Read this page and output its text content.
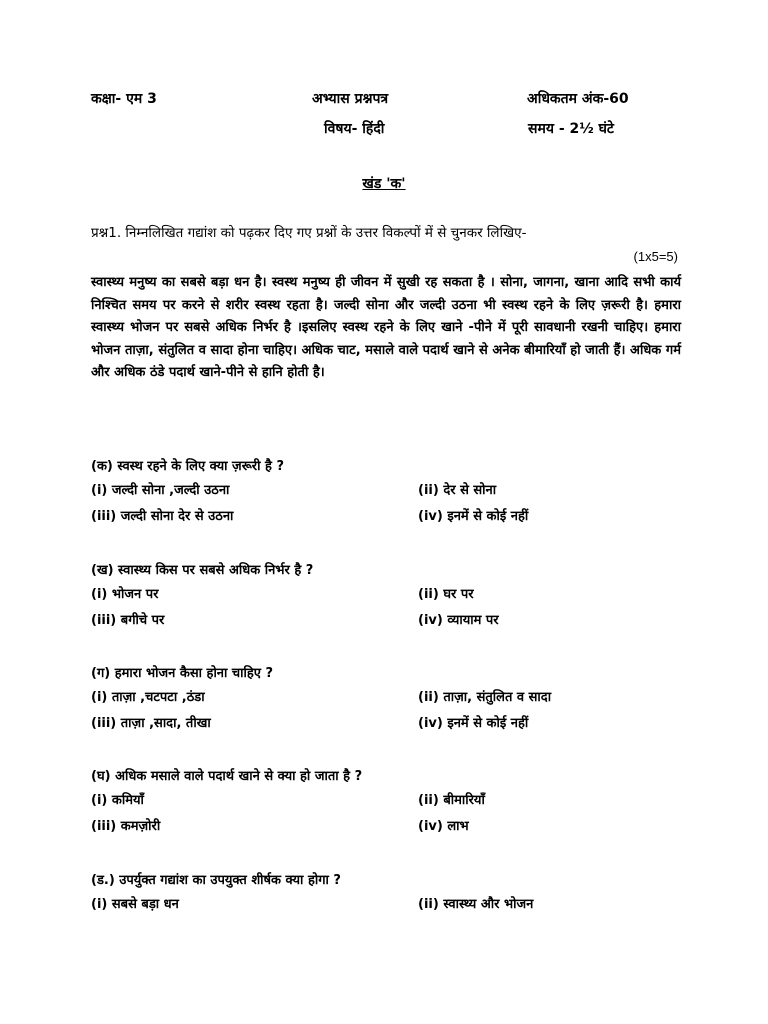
कक्षा- एम 3	अभ्यास प्रश्नपत्र	अधिकतम अंक-60
विषय- हिंदी	समय - 2½ घंटे
खंड 'क'
प्रश्न1. निम्नलिखित गद्यांश को पढ़कर दिए गए प्रश्नों के उत्तर विकल्पों में से चुनकर लिखिए-
(1x5=5)
स्वास्थ्य मनुष्य का सबसे बड़ा धन है। स्वस्थ मनुष्य ही जीवन में सुखी रह सकता है । सोना, जागना, खाना आदि सभी कार्य निश्चित समय पर करने से शरीर स्वस्थ रहता है। जल्दी सोना और जल्दी उठना भी स्वस्थ रहने के लिए ज़रूरी है। हमारा स्वास्थ्य भोजन पर सबसे अधिक निर्भर है ।इसलिए स्वस्थ रहने के लिए खाने -पीने में पूरी सावधानी रखनी चाहिए। हमारा भोजन ताज़ा, संतुलित व सादा होना चाहिए। अधिक चाट, मसाले वाले पदार्थ खाने से अनेक बीमारियाँ हो जाती हैं। अधिक गर्म और अधिक ठंडे पदार्थ खाने-पीने से हानि होती है।
(क) स्वस्थ रहने के लिए क्या ज़रूरी है ?
(i) जल्दी सोना ,जल्दी उठना	(ii) देर से सोना
(iii) जल्दी सोना देर से उठना	(iv) इनमें से कोई नहीं
(ख) स्वास्थ्य किस पर सबसे अधिक निर्भर है ?
(i) भोजन पर	(ii) घर पर
(iii) बगीचे पर	(iv) व्यायाम पर
(ग) हमारा भोजन कैसा होना चाहिए ?
(i) ताज़ा ,चटपटा ,ठंडा	(ii) ताज़ा, संतुलित व सादा
(iii) ताज़ा ,सादा, तीखा	(iv) इनमें से कोई नहीं
(घ) अधिक मसाले वाले पदार्थ खाने से क्या हो जाता है ?
(i) कमियाँ	(ii) बीमारियाँ
(iii) कमज़ोरी	(iv) लाभ
(ड.) उपर्युक्त गद्यांश का उपयुक्त शीर्षक क्या होगा ?
(i) सबसे बड़ा धन	(ii) स्वास्थ्य और भोजन
